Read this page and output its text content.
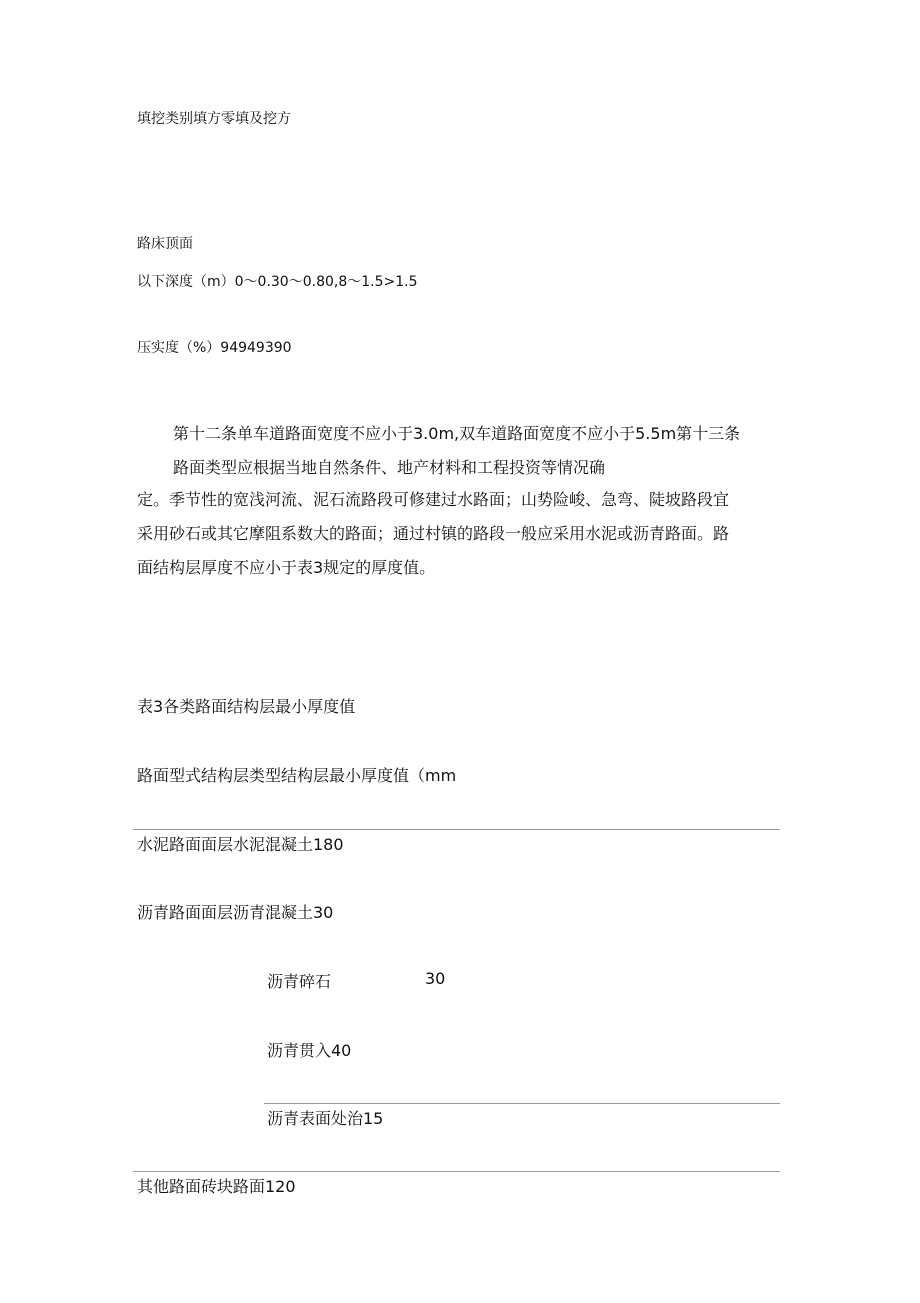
填挖类别填方零填及挖方
路床顶面
以下深度（m）0〜0.30〜0.80,8〜1.5>1.5
压实度（%）94949390
第十二条单车道路面宽度不应小于3.0m,双车道路面宽度不应小于5.5m第十三条
路面类型应根据当地自然条件、地产材料和工程投资等情况确
定。季节性的宽浅河流、泥石流路段可修建过水路面；山势险峻、急弯、陡坡路段宜
采用砂石或其它摩阻系数大的路面；通过村镇的路段一般应采用水泥或沥青路面。路
面结构层厚度不应小于表3规定的厚度值。
表3各类路面结构层最小厚度值
路面型式结构层类型结构层最小厚度值（mm
水泥路面面层水泥混凝土180
沥青路面面层沥青混凝土30
沥青碎石	30
沥青贯入40
沥青表面处治15
其他路面砖块路面120
